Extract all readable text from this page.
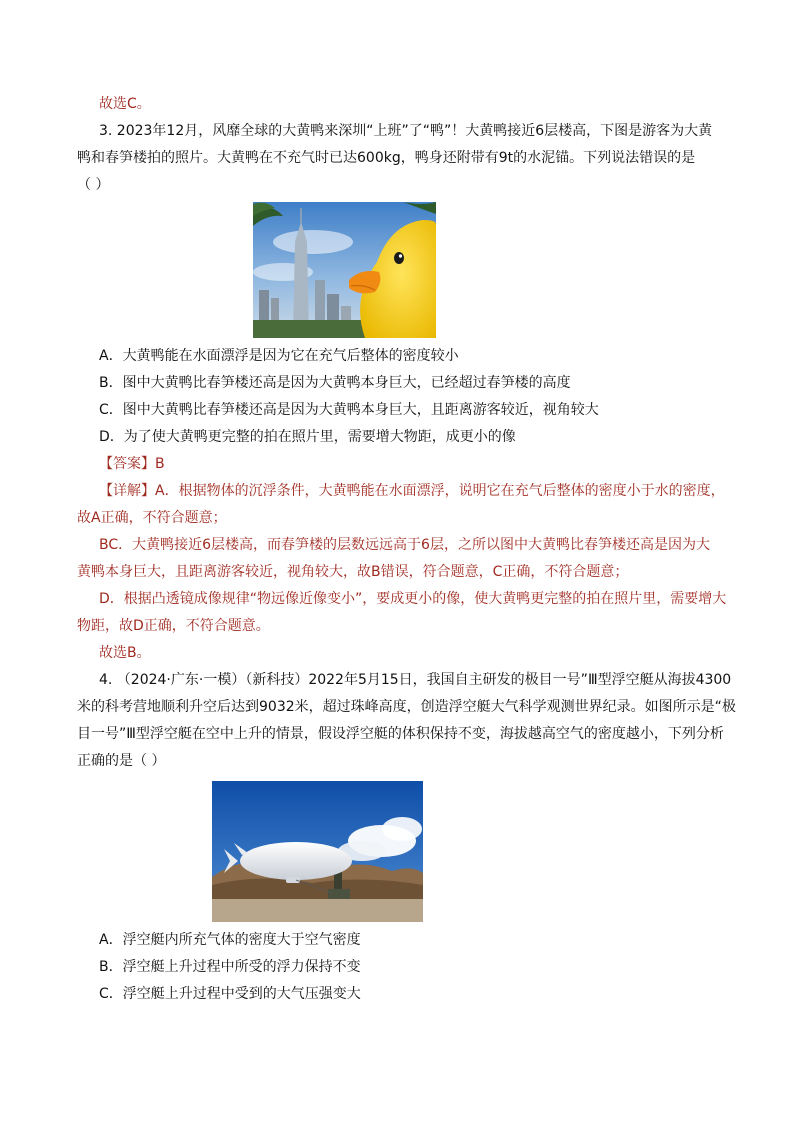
故选C。
3. 2023年12月，风靡全球的大黄鸭来深圳“上班”了“鸭”！大黄鸭接近6层楼高，下图是游客为大黄
鸭和春笋楼拍的照片。大黄鸭在不充气时已达600kg，鸭身还附带有9t的水泥锚。下列说法错误的是
（ ）
A．大黄鸭能在水面漂浮是因为它在充气后整体的密度较小
B．图中大黄鸭比春笋楼还高是因为大黄鸭本身巨大，已经超过春笋楼的高度
C．图中大黄鸭比春笋楼还高是因为大黄鸭本身巨大，且距离游客较近，视角较大
D．为了使大黄鸭更完整的拍在照片里，需要增大物距，成更小的像
【答案】B
【详解】A．根据物体的沉浮条件，大黄鸭能在水面漂浮，说明它在充气后整体的密度小于水的密度，
故A正确，不符合题意；
BC．大黄鸭接近6层楼高，而春笋楼的层数远远高于6层，之所以图中大黄鸭比春笋楼还高是因为大
黄鸭本身巨大，且距离游客较近，视角较大，故B错误，符合题意，C正确，不符合题意；
D．根据凸透镜成像规律“物远像近像变小”，要成更小的像，使大黄鸭更完整的拍在照片里，需要增大
物距，故D正确，不符合题意。
故选B。
4. （2024·广东·一模）（新科技）2022年5月15日，我国自主研发的极目一号”Ⅲ型浮空艇从海拔4300
米的科考营地顺利升空后达到9032米，超过珠峰高度，创造浮空艇大气科学观测世界纪录。如图所示是“极
目一号”Ⅲ型浮空艇在空中上升的情景，假设浮空艇的体积保持不变，海拔越高空气的密度越小，下列分析
正确的是（ ）
A．浮空艇内所充气体的密度大于空气密度
B．浮空艇上升过程中所受的浮力保持不变
C．浮空艇上升过程中受到的大气压强变大
